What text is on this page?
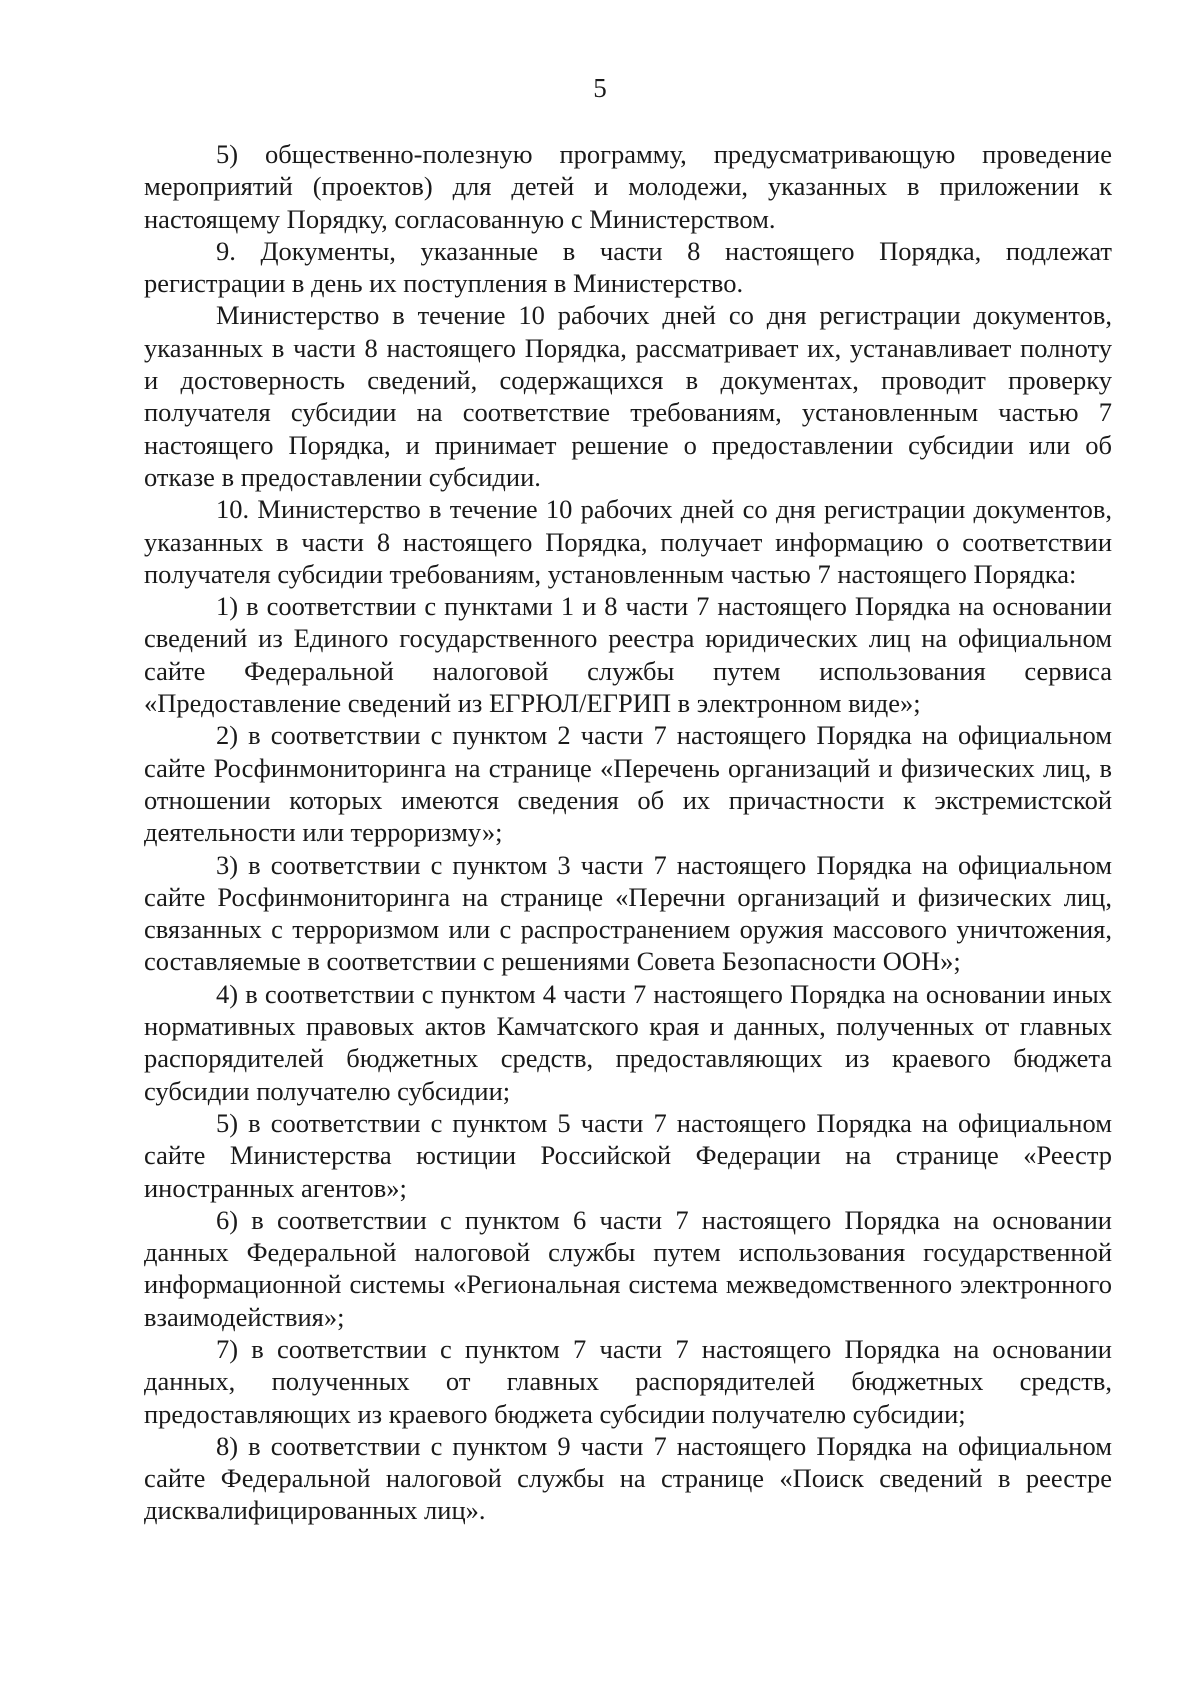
5

5) общественно-полезную программу, предусматривающую проведение мероприятий (проектов) для детей и молодежи, указанных в приложении к настоящему Порядку, согласованную с Министерством.

9. Документы, указанные в части 8 настоящего Порядка, подлежат регистрации в день их поступления в Министерство.

Министерство в течение 10 рабочих дней со дня регистрации документов, указанных в части 8 настоящего Порядка, рассматривает их, устанавливает полноту и достоверность сведений, содержащихся в документах, проводит проверку получателя субсидии на соответствие требованиям, установленным частью 7 настоящего Порядка, и принимает решение о предоставлении субсидии или об отказе в предоставлении субсидии.

10. Министерство в течение 10 рабочих дней со дня регистрации документов, указанных в части 8 настоящего Порядка, получает информацию о соответствии получателя субсидии требованиям, установленным частью 7 настоящего Порядка:

1) в соответствии с пунктами 1 и 8 части 7 настоящего Порядка на основании сведений из Единого государственного реестра юридических лиц на официальном сайте Федеральной налоговой службы путем использования сервиса «Предоставление сведений из ЕГРЮЛ/ЕГРИП в электронном виде»;

2) в соответствии с пунктом 2 части 7 настоящего Порядка на официальном сайте Росфинмониторинга на странице «Перечень организаций и физических лиц, в отношении которых имеются сведения об их причастности к экстремистской деятельности или терроризму»;

3) в соответствии с пунктом 3 части 7 настоящего Порядка на официальном сайте Росфинмониторинга на странице «Перечни организаций и физических лиц, связанных с терроризмом или с распространением оружия массового уничтожения, составляемые в соответствии с решениями Совета Безопасности ООН»;

4) в соответствии с пунктом 4 части 7 настоящего Порядка на основании иных нормативных правовых актов Камчатского края и данных, полученных от главных распорядителей бюджетных средств, предоставляющих из краевого бюджета субсидии получателю субсидии;

5) в соответствии с пунктом 5 части 7 настоящего Порядка на официальном сайте Министерства юстиции Российской Федерации на странице «Реестр иностранных агентов»;

6) в соответствии с пунктом 6 части 7 настоящего Порядка на основании данных Федеральной налоговой службы путем использования государственной информационной системы «Региональная система межведомственного электронного взаимодействия»;

7) в соответствии с пунктом 7 части 7 настоящего Порядка на основании данных, полученных от главных распорядителей бюджетных средств, предоставляющих из краевого бюджета субсидии получателю субсидии;

8) в соответствии с пунктом 9 части 7 настоящего Порядка на официальном сайте Федеральной налоговой службы на странице «Поиск сведений в реестре дисквалифицированных лиц».
